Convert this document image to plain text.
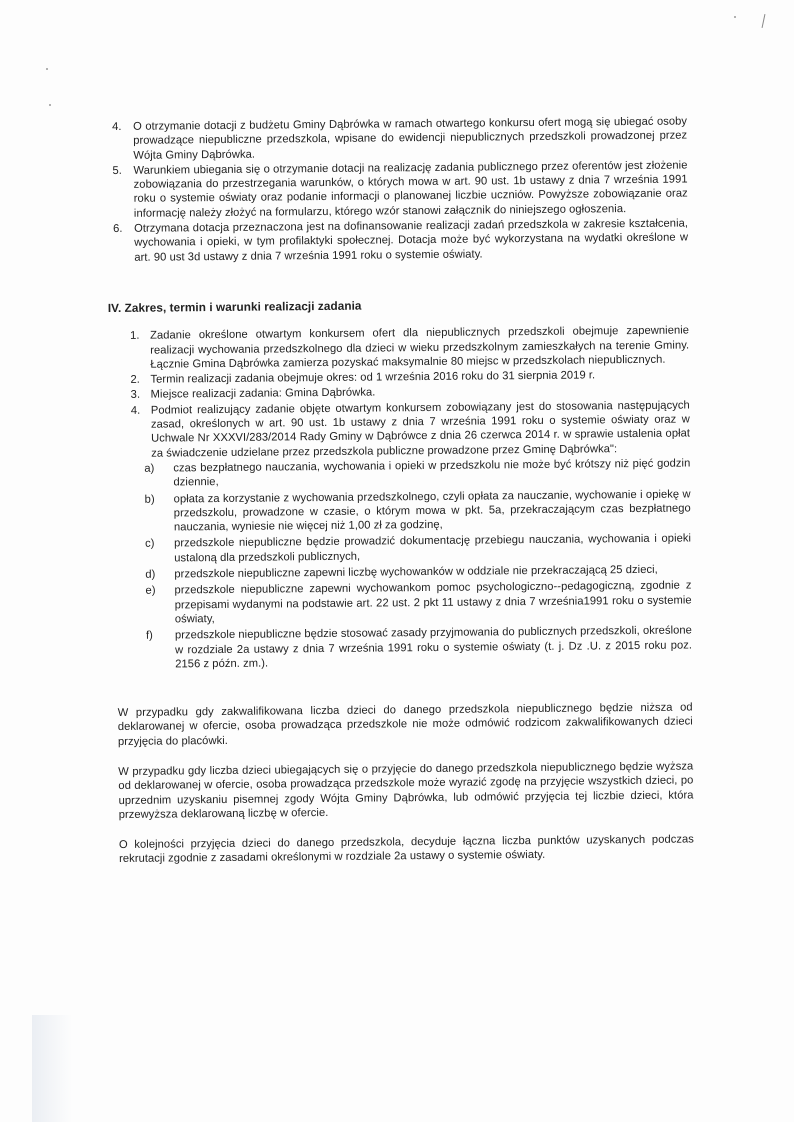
4. O otrzymanie dotacji z budżetu Gminy Dąbrówka w ramach otwartego konkursu ofert mogą się ubiegać osoby prowadzące niepubliczne przedszkola, wpisane do ewidencji niepublicznych przedszkoli prowadzonej przez Wójta Gminy Dąbrówka.
5. Warunkiem ubiegania się o otrzymanie dotacji na realizację zadania publicznego przez oferentów jest złożenie zobowiązania do przestrzegania warunków, o których mowa w art. 90 ust. 1b ustawy z dnia 7 września 1991 roku o systemie oświaty oraz podanie informacji o planowanej liczbie uczniów. Powyższe zobowiązanie oraz informację należy złożyć na formularzu, którego wzór stanowi załącznik do niniejszego ogłoszenia.
6. Otrzymana dotacja przeznaczona jest na dofinansowanie realizacji zadań przedszkola w zakresie kształcenia, wychowania i opieki, w tym profilaktyki społecznej. Dotacja może być wykorzystana na wydatki określone w art. 90 ust 3d ustawy z dnia 7 września 1991 roku o systemie oświaty.
IV. Zakres, termin i warunki realizacji zadania
1. Zadanie określone otwartym konkursem ofert dla niepublicznych przedszkoli obejmuje zapewnienie realizacji wychowania przedszkolnego dla dzieci w wieku przedszkolnym zamieszkałych na terenie Gminy. Łącznie Gmina Dąbrówka zamierza pozyskać maksymalnie 80 miejsc w przedszkolach niepublicznych.
2. Termin realizacji zadania obejmuje okres: od 1 września 2016 roku do 31 sierpnia 2019 r.
3. Miejsce realizacji zadania: Gmina Dąbrówka.
4. Podmiot realizujący zadanie objęte otwartym konkursem zobowiązany jest do stosowania następujących zasad, określonych w art. 90 ust. 1b ustawy z dnia 7 września 1991 roku o systemie oświaty oraz w Uchwale Nr XXXVI/283/2014 Rady Gminy w Dąbrówce z dnia 26 czerwca 2014 r. w sprawie ustalenia opłat za świadczenie udzielane przez przedszkola publiczne prowadzone przez Gminę Dąbrówka":
a) czas bezpłatnego nauczania, wychowania i opieki w przedszkolu nie może być krótszy niż pięć godzin dziennie,
b) opłata za korzystanie z wychowania przedszkolnego, czyli opłata za nauczanie, wychowanie i opiekę w przedszkolu, prowadzone w czasie, o którym mowa w pkt. 5a, przekraczającym czas bezpłatnego nauczania, wyniesie nie więcej niż 1,00 zł za godzinę,
c) przedszkole niepubliczne będzie prowadzić dokumentację przebiegu nauczania, wychowania i opieki ustaloną dla przedszkoli publicznych,
d) przedszkole niepubliczne zapewni liczbę wychowanków w oddziale nie przekraczającą 25 dzieci,
e) przedszkole niepubliczne zapewni wychowankom pomoc psychologiczno--pedagogiczną, zgodnie z przepisami wydanymi na podstawie art. 22 ust. 2 pkt 11 ustawy z dnia 7 września1991 roku o systemie oświaty,
f) przedszkole niepubliczne będzie stosować zasady przyjmowania do publicznych przedszkoli, określone w rozdziale 2a ustawy z dnia 7 września 1991 roku o systemie oświaty (t. j. Dz .U. z 2015 roku poz. 2156 z późn. zm.).

W przypadku gdy zakwalifikowana liczba dzieci do danego przedszkola niepublicznego będzie niższa od deklarowanej w ofercie, osoba prowadząca przedszkole nie może odmówić rodzicom zakwalifikowanych dzieci przyjęcia do placówki.

W przypadku gdy liczba dzieci ubiegających się o przyjęcie do danego przedszkola niepublicznego będzie wyższa od deklarowanej w ofercie, osoba prowadząca przedszkole może wyrazić zgodę na przyjęcie wszystkich dzieci, po uprzednim uzyskaniu pisemnej zgody Wójta Gminy Dąbrówka, lub odmówić przyjęcia tej liczbie dzieci, która przewyższa deklarowaną liczbę w ofercie.

O kolejności przyjęcia dzieci do danego przedszkola, decyduje łączna liczba punktów uzyskanych podczas rekrutacji zgodnie z zasadami określonymi w rozdziale 2a ustawy o systemie oświaty.
